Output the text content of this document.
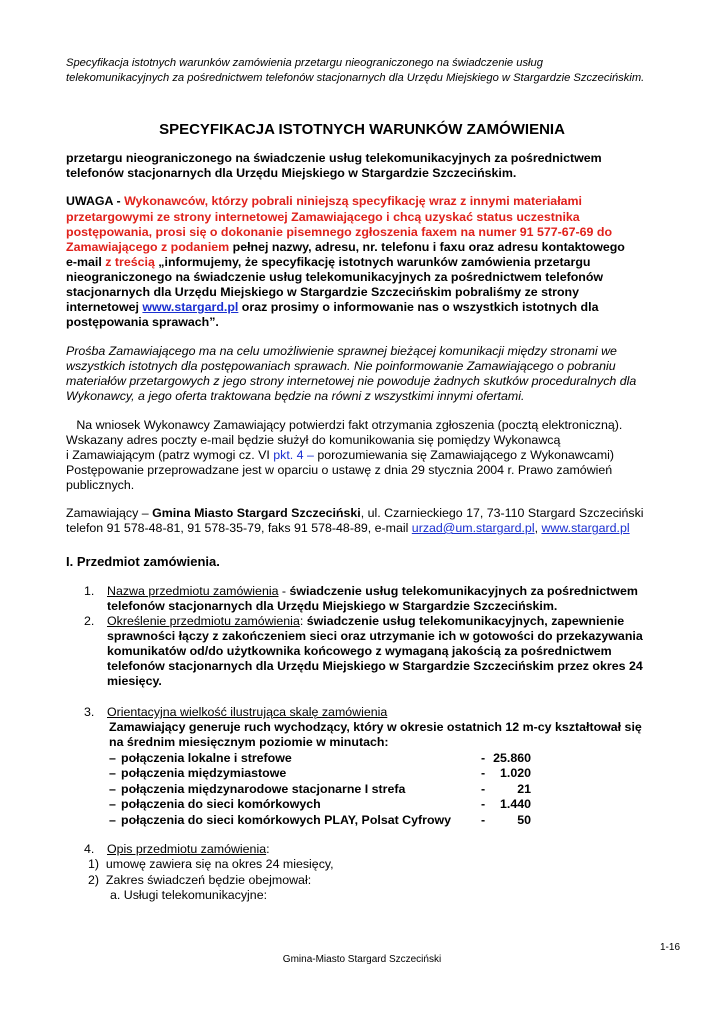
Specyfikacja istotnych warunków zamówienia przetargu nieograniczonego na świadczenie usług
telekomunikacyjnych za pośrednictwem telefonów stacjonarnych dla Urzędu Miejskiego w Stargardzie Szczecińskim.
SPECYFIKACJA ISTOTNYCH WARUNKÓW ZAMÓWIENIA
przetargu nieograniczonego na świadczenie usług telekomunikacyjnych za pośrednictwem
telefonów stacjonarnych dla Urzędu Miejskiego w Stargardzie Szczecińskim.
UWAGA - Wykonawców, którzy pobrali niniejszą specyfikację wraz z innymi materiałami
przetargowymi ze strony internetowej Zamawiającego i chcą uzyskać status uczestnika
postępowania, prosi się o dokonanie pisemnego zgłoszenia faxem na numer 91 577-67-69 do
Zamawiającego z podaniem pełnej nazwy, adresu, nr. telefonu i faxu oraz adresu kontaktowego
e-mail z treścią „informujemy, że specyfikację istotnych warunków zamówienia przetargu
nieograniczonego na świadczenie usług telekomunikacyjnych za pośrednictwem telefonów
stacjonarnych dla Urzędu Miejskiego w Stargardzie Szczecińskim pobraliśmy ze strony
internetowej www.stargard.pl oraz prosimy o informowanie nas o wszystkich istotnych dla
postępowania sprawach”.
Prośba Zamawiającego ma na celu umożliwienie sprawnej bieżącej komunikacji między stronami we
wszystkich istotnych dla postępowaniach sprawach. Nie poinformowanie Zamawiającego o pobraniu
materiałów przetargowych z jego strony internetowej nie powoduje żadnych skutków proceduralnych dla
Wykonawcy, a jego oferta traktowana będzie na równi z wszystkimi innymi ofertami.
Na wniosek Wykonawcy Zamawiający potwierdzi fakt otrzymania zgłoszenia (pocztą elektroniczną).
Wskazany adres poczty e-mail będzie służył do komunikowania się pomiędzy Wykonawcą
i Zamawiającym (patrz wymogi cz. VI pkt. 4 – porozumiewania się Zamawiającego z Wykonawcami)
Postępowanie przeprowadzane jest w oparciu o ustawę z dnia 29 stycznia 2004 r. Prawo zamówień
publicznych.
Zamawiający – Gmina Miasto Stargard Szczeciński, ul. Czarnieckiego 17, 73-110 Stargard Szczeciński
telefon 91 578-48-81, 91 578-35-79, faks 91 578-48-89, e-mail urzad@um.stargard.pl, www.stargard.pl
I. Przedmiot zamówienia.
1. Nazwa przedmiotu zamówienia - świadczenie usług telekomunikacyjnych za pośrednictwem
telefonów stacjonarnych dla Urzędu Miejskiego w Stargardzie Szczecińskim.
2. Określenie przedmiotu zamówienia: świadczenie usług telekomunikacyjnych, zapewnienie
sprawności łączy z zakończeniem sieci oraz utrzymanie ich w gotowości do przekazywania
komunikatów od/do użytkownika końcowego z wymaganą jakością za pośrednictwem
telefonów stacjonarnych dla Urzędu Miejskiego w Stargardzie Szczecińskim przez okres 24
miesięcy.
3. Orientacyjna wielkość ilustrująca skalę zamówienia
Zamawiający generuje ruch wychodzący, który w okresie ostatnich 12 m-cy kształtował się
na średnim miesięcznym poziomie w minutach:
– połączenia lokalne i strefowe	- 25.860
– połączenia międzymiastowe	-	1.020
– połączenia międzynarodowe stacjonarne I strefa	-	21
– połączenia do sieci komórkowych	-	1.440
– połączenia do sieci komórkowych PLAY, Polsat Cyfrowy -	50
4. Opis przedmiotu zamówienia:
1)  umowę zawiera się na okres 24 miesięcy,
2)  Zakres świadczeń będzie obejmował:
a. Usługi telekomunikacyjne:
1-16
Gmina-Miasto Stargard Szczeciński
